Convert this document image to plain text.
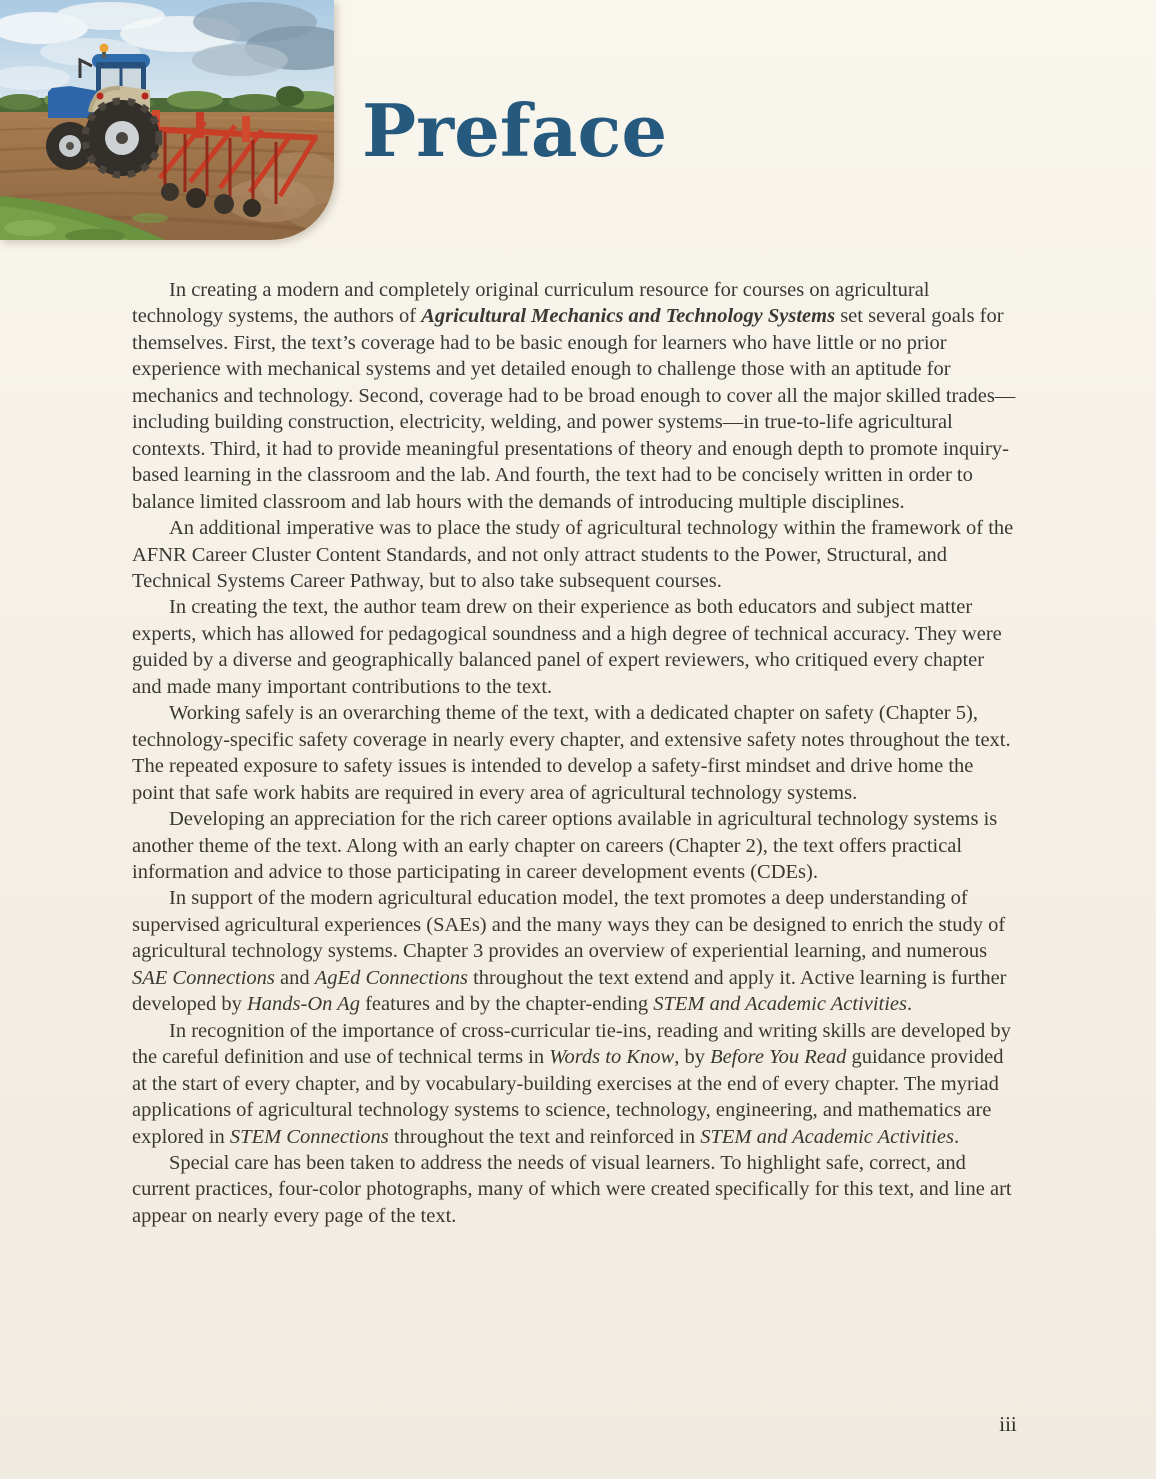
Preface

In creating a modern and completely original curriculum resource for courses on agricultural technology systems, the authors of Agricultural Mechanics and Technology Systems set several goals for themselves. First, the text’s coverage had to be basic enough for learners who have little or no prior experience with mechanical systems and yet detailed enough to challenge those with an aptitude for mechanics and technology. Second, coverage had to be broad enough to cover all the major skilled trades—including building construction, electricity, welding, and power systems—in true-to-life agricultural contexts. Third, it had to provide meaningful presentations of theory and enough depth to promote inquiry-based learning in the classroom and the lab. And fourth, the text had to be concisely written in order to balance limited classroom and lab hours with the demands of introducing multiple disciplines.

An additional imperative was to place the study of agricultural technology within the framework of the AFNR Career Cluster Content Standards, and not only attract students to the Power, Structural, and Technical Systems Career Pathway, but to also take subsequent courses.

In creating the text, the author team drew on their experience as both educators and subject matter experts, which has allowed for pedagogical soundness and a high degree of technical accuracy. They were guided by a diverse and geographically balanced panel of expert reviewers, who critiqued every chapter and made many important contributions to the text.

Working safely is an overarching theme of the text, with a dedicated chapter on safety (Chapter 5), technology-specific safety coverage in nearly every chapter, and extensive safety notes throughout the text. The repeated exposure to safety issues is intended to develop a safety-first mindset and drive home the point that safe work habits are required in every area of agricultural technology systems.

Developing an appreciation for the rich career options available in agricultural technology systems is another theme of the text. Along with an early chapter on careers (Chapter 2), the text offers practical information and advice to those participating in career development events (CDEs).

In support of the modern agricultural education model, the text promotes a deep understanding of supervised agricultural experiences (SAEs) and the many ways they can be designed to enrich the study of agricultural technology systems. Chapter 3 provides an overview of experiential learning, and numerous SAE Connections and AgEd Connections throughout the text extend and apply it. Active learning is further developed by Hands-On Ag features and by the chapter-ending STEM and Academic Activities.

In recognition of the importance of cross-curricular tie-ins, reading and writing skills are developed by the careful definition and use of technical terms in Words to Know, by Before You Read guidance provided at the start of every chapter, and by vocabulary-building exercises at the end of every chapter. The myriad applications of agricultural technology systems to science, technology, engineering, and mathematics are explored in STEM Connections throughout the text and reinforced in STEM and Academic Activities.

Special care has been taken to address the needs of visual learners. To highlight safe, correct, and current practices, four-color photographs, many of which were created specifically for this text, and line art appear on nearly every page of the text.

iii
